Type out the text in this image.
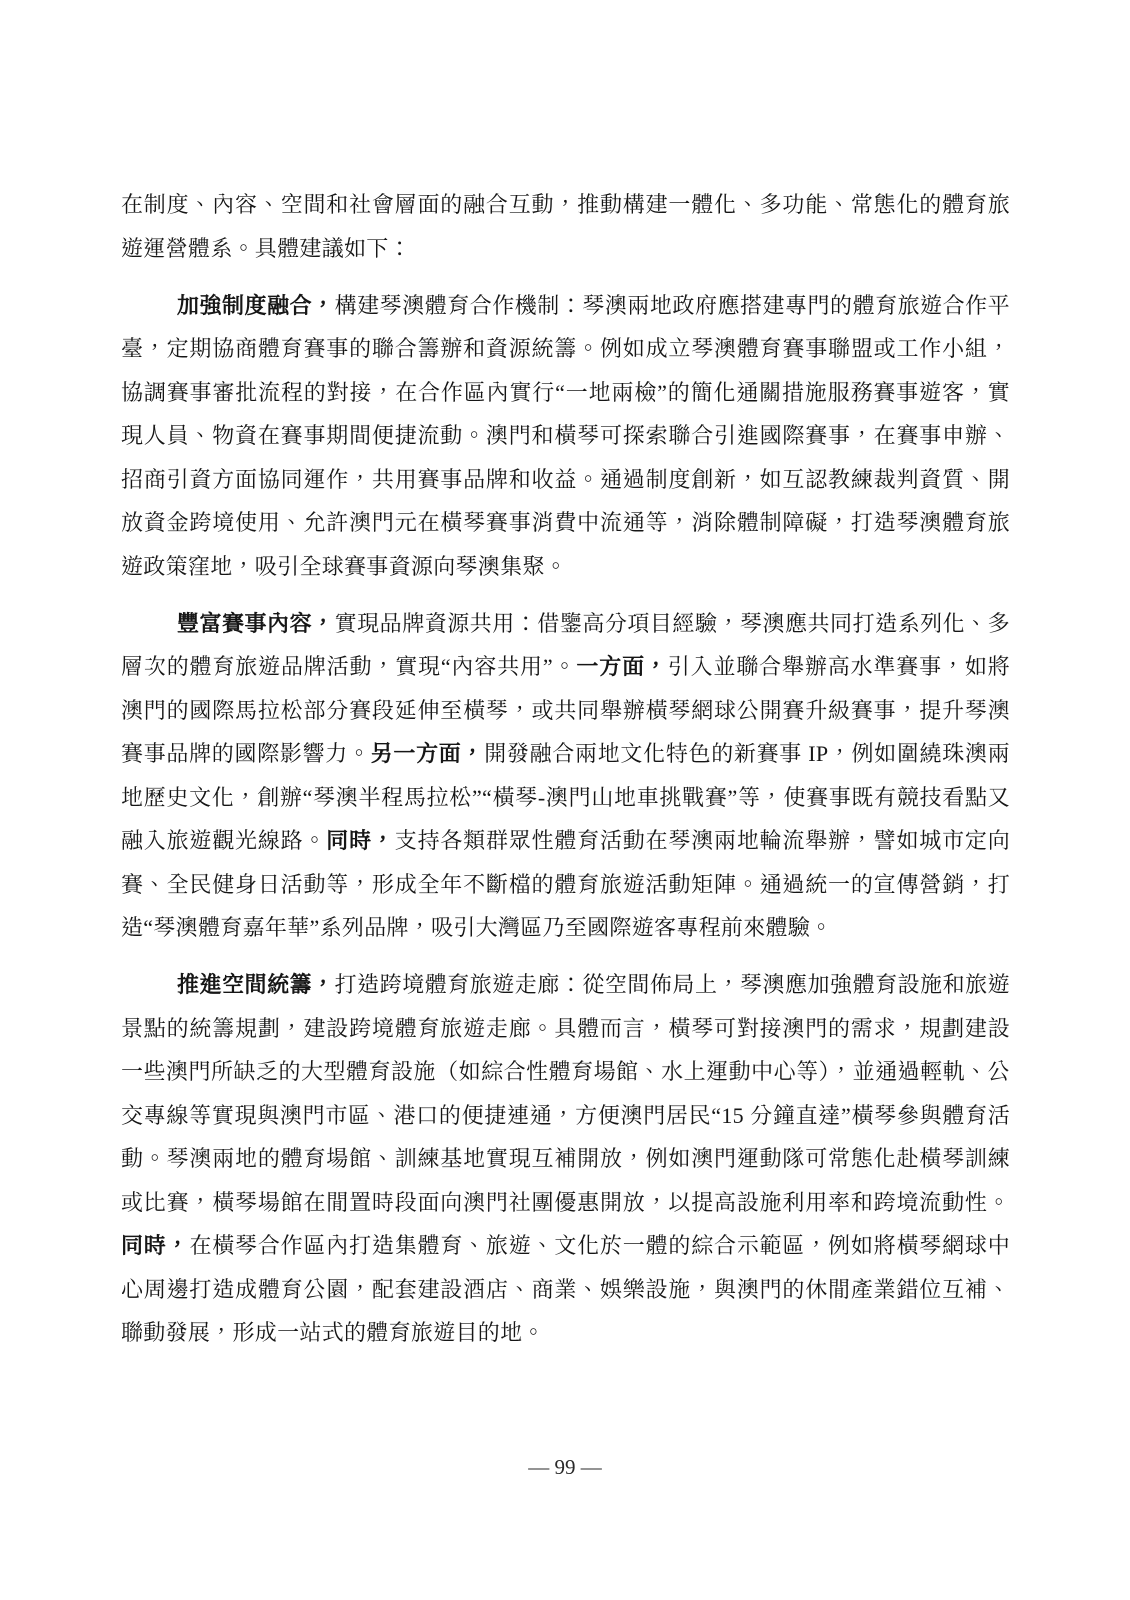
在制度、內容、空間和社會層面的融合互動，推動構建一體化、多功能、常態化的體育旅遊運營體系。具體建議如下：

加強制度融合，構建琴澳體育合作機制：琴澳兩地政府應搭建專門的體育旅遊合作平臺，定期協商體育賽事的聯合籌辦和資源統籌。例如成立琴澳體育賽事聯盟或工作小組，協調賽事審批流程的對接，在合作區內實行“一地兩檢”的簡化通關措施服務賽事遊客，實現人員、物資在賽事期間便捷流動。澳門和橫琴可探索聯合引進國際賽事，在賽事申辦、招商引資方面協同運作，共用賽事品牌和收益。通過制度創新，如互認教練裁判資質、開放資金跨境使用、允許澳門元在橫琴賽事消費中流通等，消除體制障礙，打造琴澳體育旅遊政策窪地，吸引全球賽事資源向琴澳集聚。

豐富賽事內容，實現品牌資源共用：借鑒高分項目經驗，琴澳應共同打造系列化、多層次的體育旅遊品牌活動，實現“內容共用”。一方面，引入並聯合舉辦高水準賽事，如將澳門的國際馬拉松部分賽段延伸至橫琴，或共同舉辦橫琴網球公開賽升級賽事，提升琴澳賽事品牌的國際影響力。另一方面，開發融合兩地文化特色的新賽事 IP，例如圍繞珠澳兩地歷史文化，創辦“琴澳半程馬拉松”“橫琴-澳門山地車挑戰賽”等，使賽事既有競技看點又融入旅遊觀光線路。同時，支持各類群眾性體育活動在琴澳兩地輪流舉辦，譬如城市定向賽、全民健身日活動等，形成全年不斷檔的體育旅遊活動矩陣。通過統一的宣傳營銷，打造“琴澳體育嘉年華”系列品牌，吸引大灣區乃至國際遊客專程前來體驗。

推進空間統籌，打造跨境體育旅遊走廊：從空間佈局上，琴澳應加強體育設施和旅遊景點的統籌規劃，建設跨境體育旅遊走廊。具體而言，橫琴可對接澳門的需求，規劃建設一些澳門所缺乏的大型體育設施（如綜合性體育場館、水上運動中心等），並通過輕軌、公交專線等實現與澳門市區、港口的便捷連通，方便澳門居民“15 分鐘直達”橫琴參與體育活動。琴澳兩地的體育場館、訓練基地實現互補開放，例如澳門運動隊可常態化赴橫琴訓練或比賽，橫琴場館在閒置時段面向澳門社團優惠開放，以提高設施利用率和跨境流動性。同時，在橫琴合作區內打造集體育、旅遊、文化於一體的綜合示範區，例如將橫琴網球中心周邊打造成體育公園，配套建設酒店、商業、娛樂設施，與澳門的休閒產業錯位互補、聯動發展，形成一站式的體育旅遊目的地。

— 99 —
